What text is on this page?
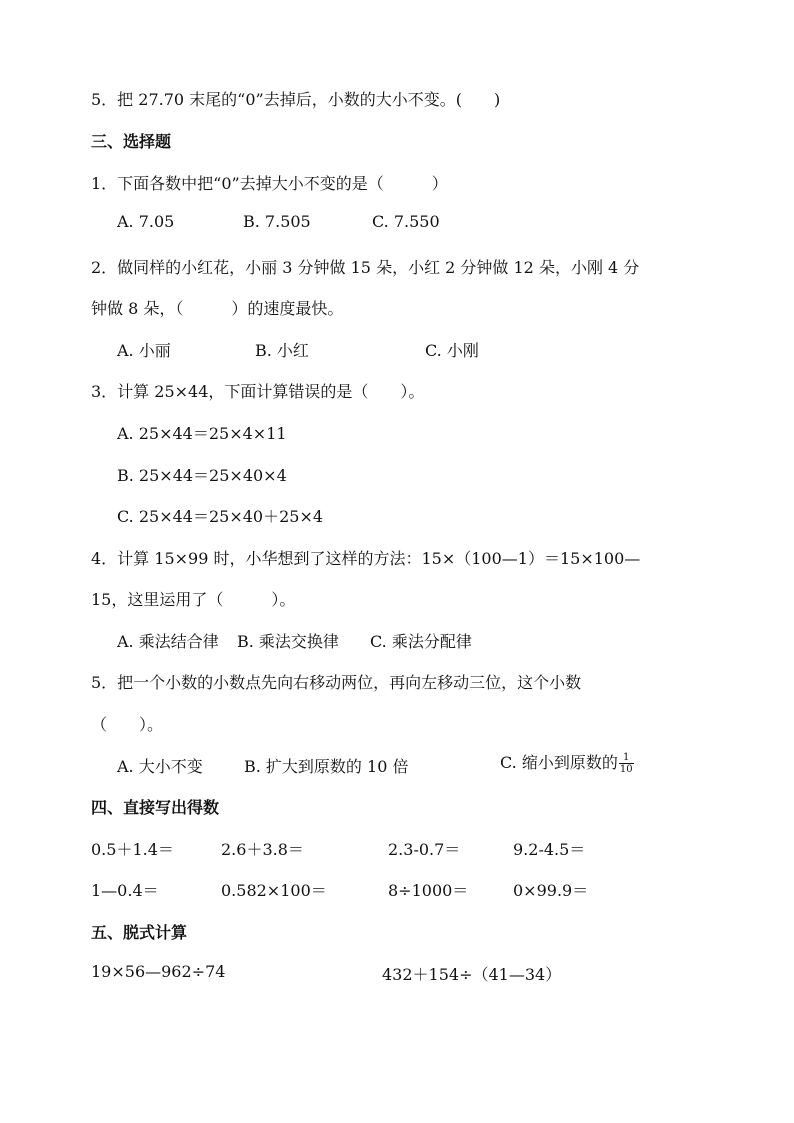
5．把 27.70 末尾的“0”去掉后，小数的大小不变。(　　)
三、选择题
1．下面各数中把“0”去掉大小不变的是（　　　）
A. 7.05	B. 7.505	C. 7.550
2．做同样的小红花，小丽 3 分钟做 15 朵，小红 2 分钟做 12 朵，小刚 4 分
钟做 8 朵，（　　　）的速度最快。
A. 小丽	B. 小红	C. 小刚
3．计算 25×44，下面计算错误的是（　　）。
A. 25×44＝25×4×11
B. 25×44＝25×40×4
C. 25×44＝25×40＋25×4
4．计算 15×99 时，小华想到了这样的方法：15×（100—1）＝15×100—
15，这里运用了（　　　）。
A. 乘法结合律 B. 乘法交换律 C. 乘法分配律
5．把一个小数的小数点先向右移动两位，再向左移动三位，这个小数
（　　）。
A. 大小不变	B. 扩大到原数的 10 倍	C. 缩小到原数的 $\frac{1}{10}$
四、直接写出得数
0.5＋1.4＝	2.6＋3.8＝	2.3-0.7＝	9.2-4.5＝
1—0.4＝	0.582×100＝	8÷1000＝	0×99.9＝
五、脱式计算
19×56—962÷74	432＋154÷（41—34）
